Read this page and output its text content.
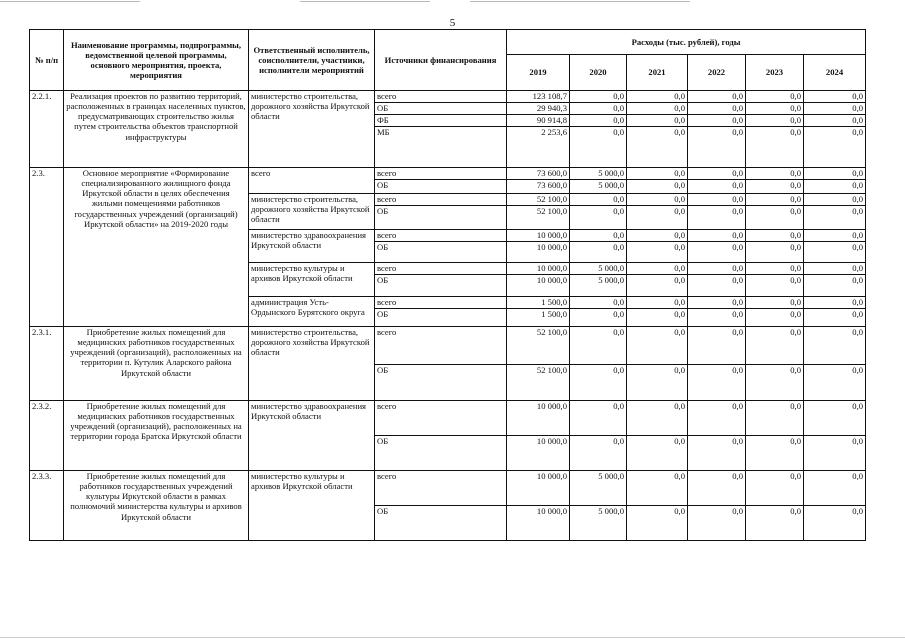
5
№ п/п	Наименование программы, подпрограммы, ведомственной целевой программы, основного мероприятия, проекта, мероприятия	Ответственный исполнитель, соисполнители, участники, исполнители мероприятий	Источники финансирования	Расходы (тыс. рублей), годы					
				2019	2020	2021	2022	2023	2024
2.2.1.	Реализация проектов по развитию территорий, расположенных в границах населенных пунктов, предусматривающих строительство жилья путем строительства объектов транспортной инфраструктуры	министерство строительства, дорожного хозяйства Иркутской области	всего	123 108,7	0,0	0,0	0,0	0,0	0,0
			ОБ	29 940,3	0,0	0,0	0,0	0,0	0,0
			ФБ	90 914,8	0,0	0,0	0,0	0,0	0,0
			МБ	2 253,6	0,0	0,0	0,0	0,0	0,0
2.3.	Основное мероприятие «Формирование специализированного жилищного фонда Иркутской области в целях обеспечения жилыми помещениями работников государственных учреждений (организаций) Иркутской области» на 2019-2020 годы	всего	всего	73 600,0	5 000,0	0,0	0,0	0,0	0,0
			ОБ	73 600,0	5 000,0	0,0	0,0	0,0	0,0
		министерство строительства, дорожного хозяйства Иркутской области	всего	52 100,0	0,0	0,0	0,0	0,0	0,0
			ОБ	52 100,0	0,0	0,0	0,0	0,0	0,0
		министерство здравоохранения Иркутской области	всего	10 000,0	0,0	0,0	0,0	0,0	0,0
			ОБ	10 000,0	0,0	0,0	0,0	0,0	0,0
		министерство культуры и архивов Иркутской области	всего	10 000,0	5 000,0	0,0	0,0	0,0	0,0
			ОБ	10 000,0	5 000,0	0,0	0,0	0,0	0,0
		администрация Усть-Ордынского Бурятского округа	всего	1 500,0	0,0	0,0	0,0	0,0	0,0
			ОБ	1 500,0	0,0	0,0	0,0	0,0	0,0
2.3.1.	Приобретение жилых помещений для медицинских работников государственных учреждений (организаций), расположенных на территории п. Кутулик Аларского района Иркутской области	министерство строительства, дорожного хозяйства Иркутской области	всего	52 100,0	0,0	0,0	0,0	0,0	0,0
			ОБ	52 100,0	0,0	0,0	0,0	0,0	0,0
2.3.2.	Приобретение жилых помещений для медицинских работников государственных учреждений (организаций), расположенных на территории города Братска Иркутской области	министерство здравоохранения Иркутской области	всего	10 000,0	0,0	0,0	0,0	0,0	0,0
			ОБ	10 000,0	0,0	0,0	0,0	0,0	0,0
2.3.3.	Приобретение жилых помещений для работников государственных учреждений культуры Иркутской области в рамках полномочий министерства культуры и архивов Иркутской области	министерство культуры и архивов Иркутской области	всего	10 000,0	5 000,0	0,0	0,0	0,0	0,0
			ОБ	10 000,0	5 000,0	0,0	0,0	0,0	0,0
